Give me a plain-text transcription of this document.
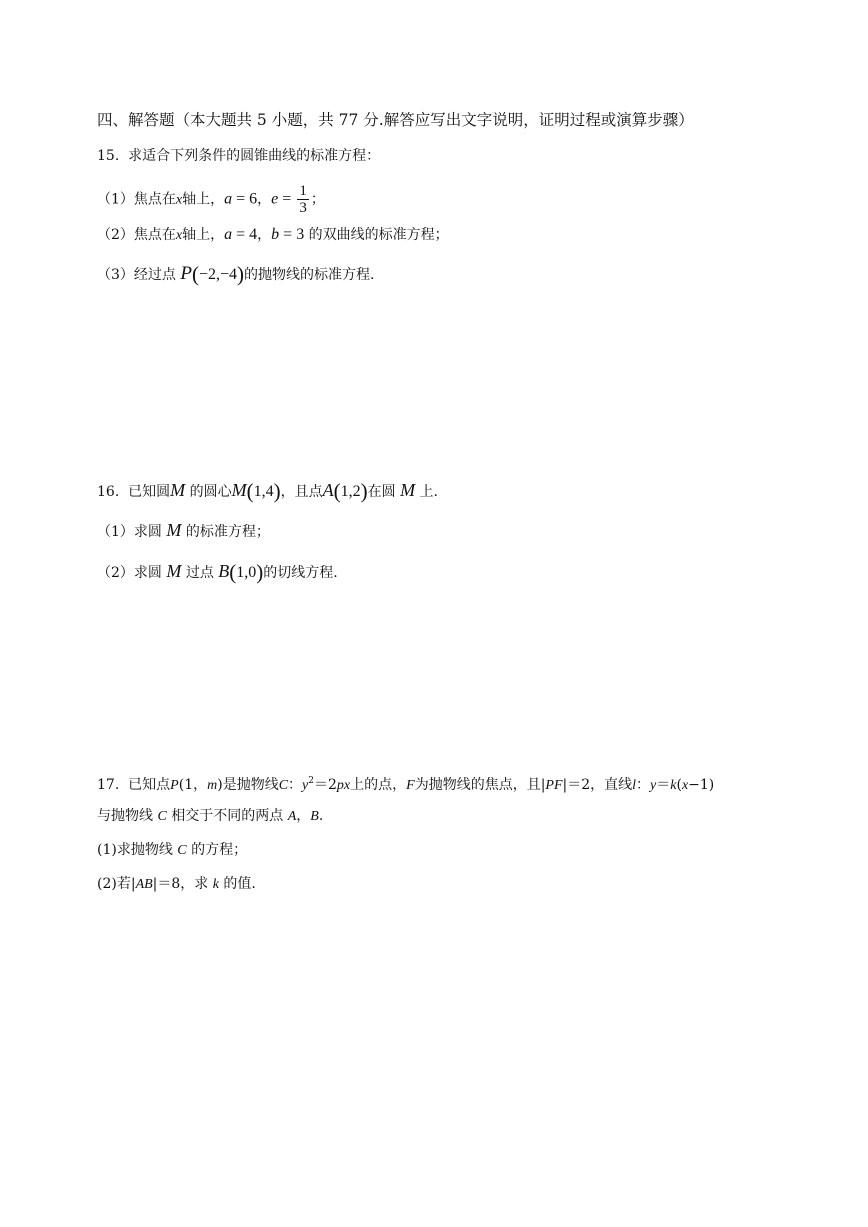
四、解答题（本大题共 5 小题，共 77 分.解答应写出文字说明，证明过程或演算步骤）
15. 求适合下列条件的圆锥曲线的标准方程：
（1）焦点在x轴上，a = 6，$e = \frac{1}{3}$ ；
（2）焦点在x轴上，a = 4，b = 3 的双曲线的标准方程；
（3）经过点 P(−2,−4)的抛物线的标准方程.
16. 已知圆M 的圆心M(1,4)，且点A(1,2)在圆 M 上.
（1）求圆 M 的标准方程；
（2）求圆 M 过点 B(1,0)的切线方程.
17. 已知点P(1，m)是抛物线C：$y^2=2px$上的点，F为抛物线的焦点，且|PF|＝2，直线l：y＝k(x−1)
与抛物线 C 相交于不同的两点 A，B.
(1)求抛物线 C 的方程；
(2)若|AB|＝8，求 k 的值.
